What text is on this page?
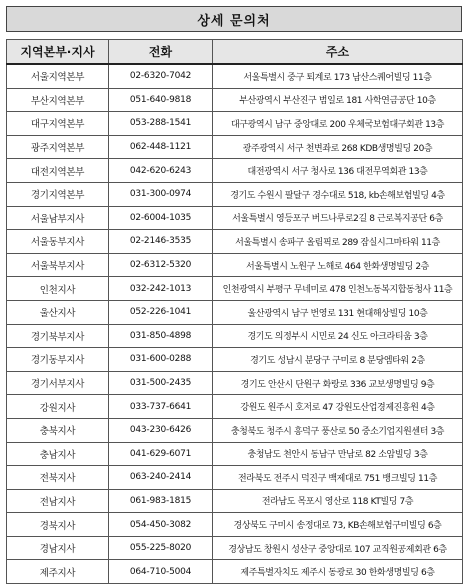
상세 문의처
지역본부·지사	전화	주소
서울지역본부	02-6320-7042	서울특별시 중구 퇴계로 173 남산스퀘어빌딩 11층
부산지역본부	051-640-9818	부산광역시 부산진구 범일로 181 사학연금공단 10층
대구지역본부	053-288-1541	대구광역시 남구 중앙대로 200 우체국보험대구회관 13층
광주지역본부	062-448-1121	광주광역시 서구 천변좌로 268 KDB생명빌딩 20층
대전지역본부	042-620-6243	대전광역시 서구 청사로 136 대전무역회관 13층
경기지역본부	031-300-0974	경기도 수원시 팔달구 경수대로 518, kb손해보험빌딩 4층
서울남부지사	02-6004-1035	서울특별시 영등포구 버드나루로2길 8 근로복지공단 6층
서울동부지사	02-2146-3535	서울특별시 송파구 올림픽로 289 잠실시그마타워 11층
서울북부지사	02-6312-5320	서울특별시 노원구 노해로 464 한화생명빌딩 2층
인천지사	032-242-1013	인천광역시 부평구 무네미로 478 인천노동복지합동청사 11층
울산지사	052-226-1041	울산광역시 남구 번영로 131 현대해상빌딩 10층
경기북부지사	031-850-4898	경기도 의정부시 시민로 24 신도 아크라티움 3층
경기동부지사	031-600-0288	경기도 성남시 분당구 구미로 8 분당엠타워 2층
경기서부지사	031-500-2435	경기도 안산시 단원구 화랑로 336 교보생명빌딩 9층
강원지사	033-737-6641	강원도 원주시 호저로 47 강원도산업경제진흥원 4층
충북지사	043-230-6426	충청북도 청주시 흥덕구 풍산로 50 중소기업지원센터 3층
충남지사	041-629-6071	충청남도 천안시 동남구 만남로 82 소암빌딩 3층
전북지사	063-240-2414	전라북도 전주시 덕진구 백제대로 751 뱅크빌딩 11층
전남지사	061-983-1815	전라남도 목포시 영산로 118 KT빌딩 7층
경북지사	054-450-3082	경상북도 구미시 송정대로 73, KB손해보험구미빌딩 6층
경남지사	055-225-8020	경상남도 창원시 성산구 중앙대로 107 교직원공제회관 6층
제주지사	064-710-5004	제주특별자치도 제주시 동광로 30 한화생명빌딩 6층
